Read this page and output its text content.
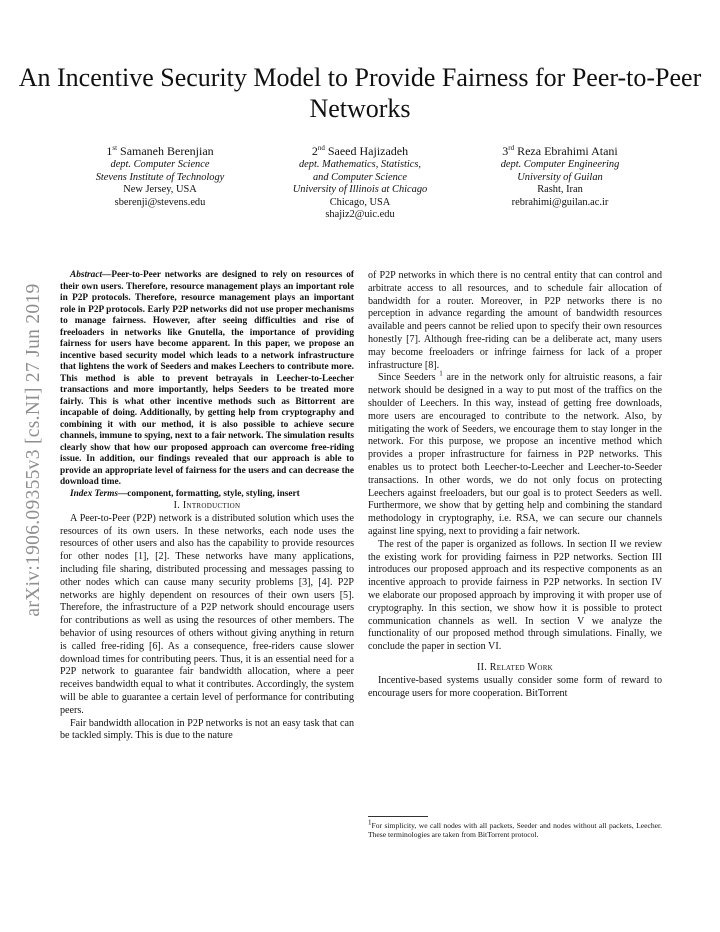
An Incentive Security Model to Provide Fairness for Peer-to-Peer Networks
arXiv:1906.09355v3 [cs.NI] 27 Jun 2019
1st Samaneh Berenjian
dept. Computer Science
Stevens Institute of Technology
New Jersey, USA
sberenji@stevens.edu
2nd Saeed Hajizadeh
dept. Mathematics, Statistics,
and Computer Science
University of Illinois at Chicago
Chicago, USA
shajiz2@uic.edu
3rd Reza Ebrahimi Atani
dept. Computer Engineering
University of Guilan
Rasht, Iran
rebrahimi@guilan.ac.ir

Abstract—Peer-to-Peer networks are designed to rely on resources of their own users. Therefore, resource management plays an important role in P2P protocols. Therefore, resource management plays an important role in P2P protocols. Early P2P networks did not use proper mechanisms to manage fairness. However, after seeing difficulties and rise of freeloaders in networks like Gnutella, the importance of providing fairness for users have become apparent. In this paper, we propose an incentive based security model which leads to a network infrastructure that lightens the work of Seeders and makes Leechers to contribute more. This method is able to prevent betrayals in Leecher-to-Leecher transactions and more importantly, helps Seeders to be treated more fairly. This is what other incentive methods such as Bittorrent are incapable of doing. Additionally, by getting help from cryptography and combining it with our method, it is also possible to achieve secure channels, immune to spying, next to a fair network. The simulation results clearly show that how our proposed approach can overcome free-riding issue. In addition, our findings revealed that our approach is able to provide an appropriate level of fairness for the users and can decrease the download time.

Index Terms—component, formatting, style, styling, insert

I. Introduction

A Peer-to-Peer (P2P) network is a distributed solution which uses the resources of its own users. In these networks, each node uses the resources of other users and also has the capability to provide resources for other nodes [1], [2]. These networks have many applications, including file sharing, distributed processing and messages passing to other nodes which can cause many security problems [3], [4]. P2P networks are highly dependent on resources of their own users [5]. Therefore, the infrastructure of a P2P network should encourage users for contributions as well as using the resources of other members. The behavior of using resources of others without giving anything in return is called free-riding [6]. As a consequence, free-riders cause slower download times for contributing peers. Thus, it is an essential need for a P2P network to guarantee fair bandwidth allocation, where a peer receives bandwidth equal to what it contributes. Accordingly, the system will be able to guarantee a certain level of performance for contributing peers.

Fair bandwidth allocation in P2P networks is not an easy task that can be tackled simply. This is due to the nature

of P2P networks in which there is no central entity that can control and arbitrate access to all resources, and to schedule fair allocation of bandwidth for a router. Moreover, in P2P networks there is no perception in advance regarding the amount of bandwidth resources available and peers cannot be relied upon to specify their own resources honestly [7]. Although free-riding can be a deliberate act, many users may become freeloaders or infringe fairness for lack of a proper infrastructure [8].

Since Seeders $^1$ are in the network only for altruistic reasons, a fair network should be designed in a way to put most of the traffics on the shoulder of Leechers. In this way, instead of getting free downloads, more users are encouraged to contribute to the network. Also, by mitigating the work of Seeders, we encourage them to stay longer in the network. For this purpose, we propose an incentive method which provides a proper infrastructure for fairness in P2P networks. This enables us to protect both Leecher-to-Leecher and Leecher-to-Seeder transactions. In other words, we do not only focus on protecting Leechers against freeloaders, but our goal is to protect Seeders as well. Furthermore, we show that by getting help and combining the standard methodology in cryptography, i.e. RSA, we can secure our channels against line spying, next to providing a fair network.

The rest of the paper is organized as follows. In section II we review the existing work for providing fairness in P2P networks. Section III introduces our proposed approach and its respective components as an incentive approach to provide fairness in P2P networks. In section IV we elaborate our proposed approach by improving it with proper use of cryptography. In this section, we show how it is possible to protect communication channels as well. In section V we analyze the functionality of our proposed method through simulations. Finally, we conclude the paper in section VI.

II. Related Work

Incentive-based systems usually consider some form of reward to encourage users for more cooperation. BitTorrent

$^1$For simplicity, we call nodes with all packets, Seeder and nodes without all packets, Leecher. These terminologies are taken from BitTorrent protocol.
